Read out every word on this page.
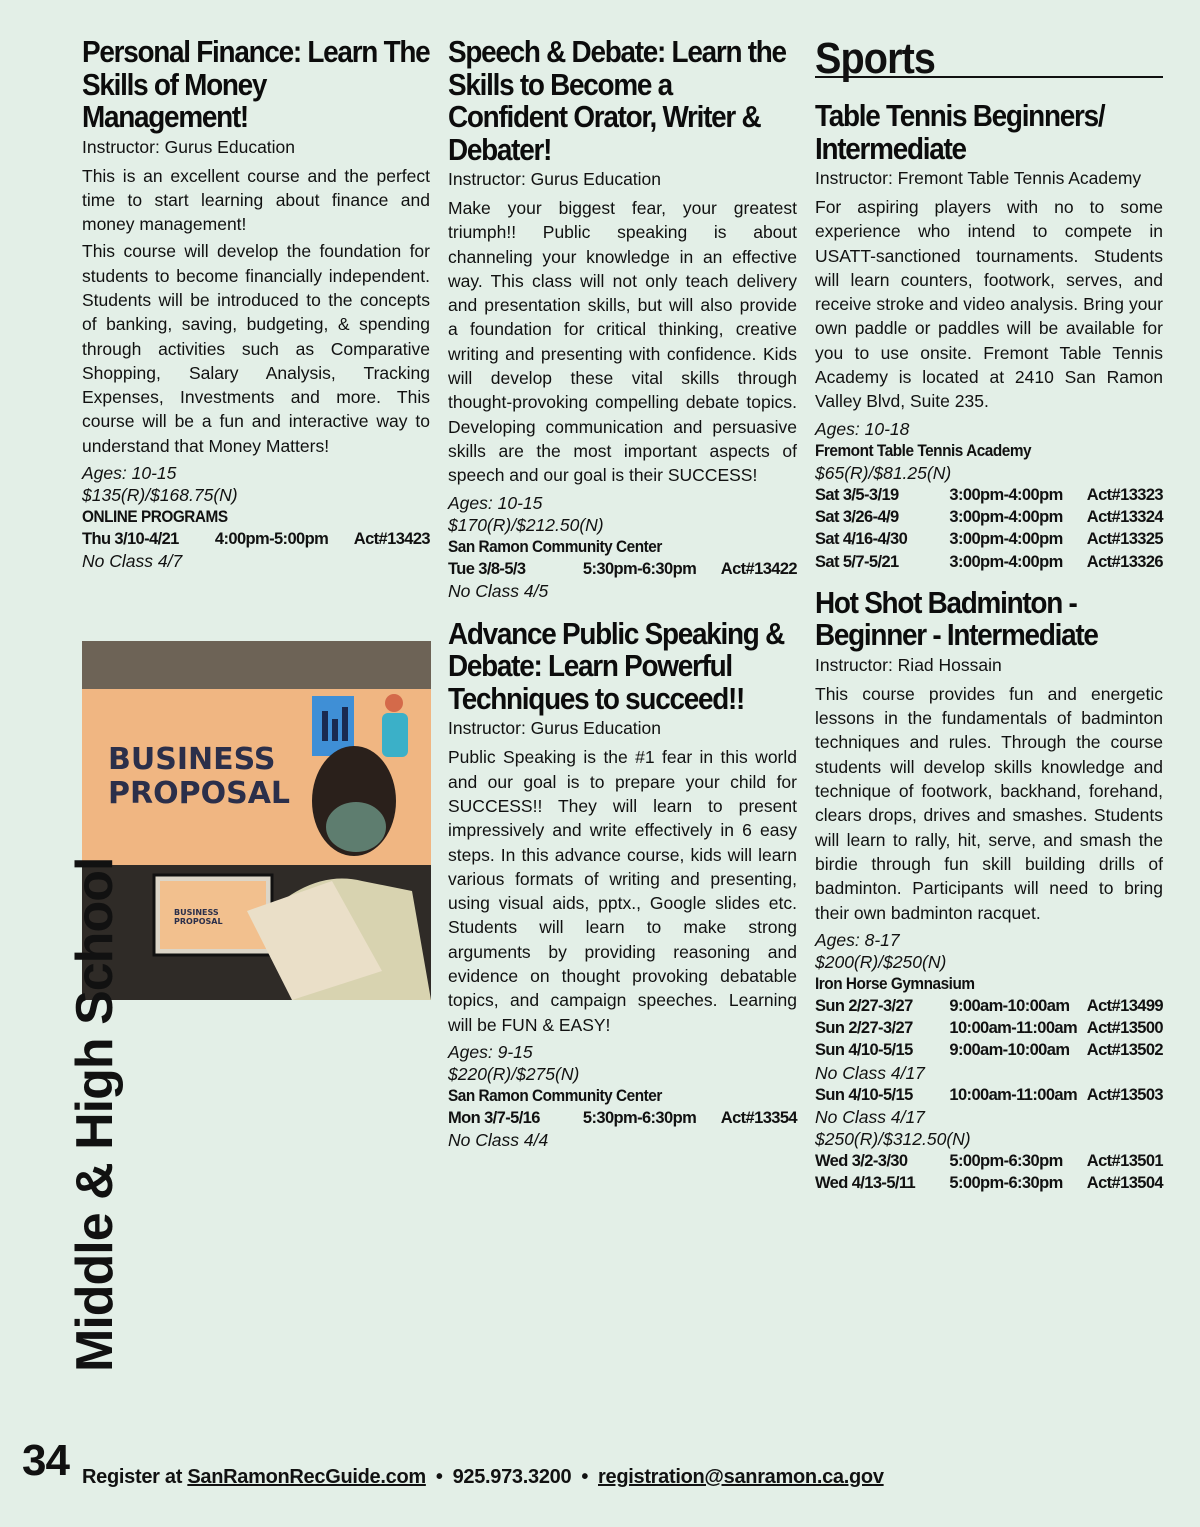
Personal Finance: Learn The Skills of Money Management!
Instructor: Gurus Education

This is an excellent course and the perfect time to start learning about finance and money management!

This course will develop the foundation for students to become financially independent. Students will be introduced to the concepts of banking, saving, budgeting, & spending through activities such as Comparative Shopping, Salary Analysis, Tracking Expenses, Investments and more. This course will be a fun and interactive way to understand that Money Matters!

Ages: 10-15
$135(R)/$168.75(N)
ONLINE PROGRAMS
Thu 3/10-4/21	4:00pm-5:00pm	Act#13423
No Class 4/7
BUSINESS
PROPOSAL
BUSINESS
PROPOSAL
Speech & Debate: Learn the Skills to Become a Confident Orator, Writer & Debater!
Instructor: Gurus Education

Make your biggest fear, your greatest triumph!! Public speaking is about channeling your knowledge in an effective way. This class will not only teach delivery and presentation skills, but will also provide a foundation for critical thinking, creative writing and presenting with confidence. Kids will develop these vital skills through thought-provoking compelling debate topics. Developing communication and persuasive skills are the most important aspects of speech and our goal is their SUCCESS!

Ages: 10-15
$170(R)/$212.50(N)
San Ramon Community Center
Tue 3/8-5/3	5:30pm-6:30pm	Act#13422
No Class 4/5
Advance Public Speaking & Debate: Learn Powerful Techniques to succeed!!
Instructor: Gurus Education

Public Speaking is the #1 fear in this world and our goal is to prepare your child for SUCCESS!! They will learn to present impressively and write effectively in 6 easy steps. In this advance course, kids will learn various formats of writing and presenting, using visual aids, pptx., Google slides etc. Students will learn to make strong arguments by providing reasoning and evidence on thought provoking debatable topics, and campaign speeches. Learning will be FUN & EASY!

Ages: 9-15
$220(R)/$275(N)
San Ramon Community Center
Mon 3/7-5/16	5:30pm-6:30pm	Act#13354
No Class 4/4
Sports
Table Tennis Beginners/ Intermediate
Instructor: Fremont Table Tennis Academy

For aspiring players with no to some experience who intend to compete in USATT-sanctioned tournaments. Students will learn counters, footwork, serves, and receive stroke and video analysis. Bring your own paddle or paddles will be available for you to use onsite. Fremont Table Tennis Academy is located at 2410 San Ramon Valley Blvd, Suite 235.

Ages: 10-18
Fremont Table Tennis Academy
$65(R)/$81.25(N)
Sat 3/5-3/19	3:00pm-4:00pm	Act#13323
Sat 3/26-4/9	3:00pm-4:00pm	Act#13324
Sat 4/16-4/30	3:00pm-4:00pm	Act#13325
Sat 5/7-5/21	3:00pm-4:00pm	Act#13326
Hot Shot Badminton - Beginner - Intermediate
Instructor: Riad Hossain

This course provides fun and energetic lessons in the fundamentals of badminton techniques and rules. Through the course students will develop skills knowledge and technique of footwork, backhand, forehand, clears drops, drives and smashes. Students will learn to rally, hit, serve, and smash the birdie through fun skill building drills of badminton. Participants will need to bring their own badminton racquet.

Ages: 8-17
$200(R)/$250(N)
Iron Horse Gymnasium
Sun 2/27-3/27	9:00am-10:00am	Act#13499
Sun 2/27-3/27	10:00am-11:00am Act#13500
Sun 4/10-5/15	9:00am-10:00am	Act#13502
No Class 4/17
Sun 4/10-5/15	10:00am-11:00am Act#13503
No Class 4/17
$250(R)/$312.50(N)
Wed 3/2-3/30	5:00pm-6:30pm	Act#13501
Wed 4/13-5/11	5:00pm-6:30pm	Act#13504
Middle & High School
34 Register at
SanRamonRecGuide.com • 925.973.3200 • registration@sanramon.ca.gov
